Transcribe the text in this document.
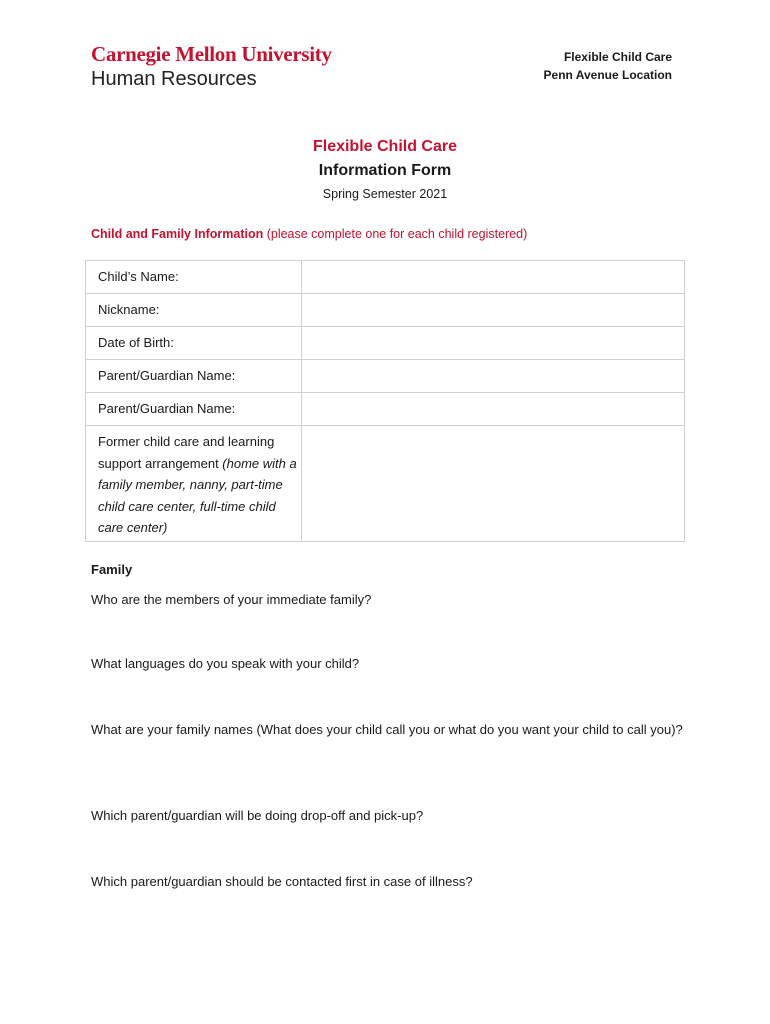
Carnegie Mellon University
Human Resources
Flexible Child Care
Penn Avenue Location
Flexible Child Care
Information Form
Spring Semester 2021
Child and Family Information (please complete one for each child registered)
Child’s Name:	
Nickname:	
Date of Birth:	
Parent/Guardian Name:	
Parent/Guardian Name:	
Former child care and learning support arrangement (home with a family member, nanny, part-time child care center, full-time child care center)	
Family
Who are the members of your immediate family?
What languages do you speak with your child?
What are your family names (What does your child call you or what do you want your child to call you)?
Which parent/guardian will be doing drop-off and pick-up?
Which parent/guardian should be contacted first in case of illness?
